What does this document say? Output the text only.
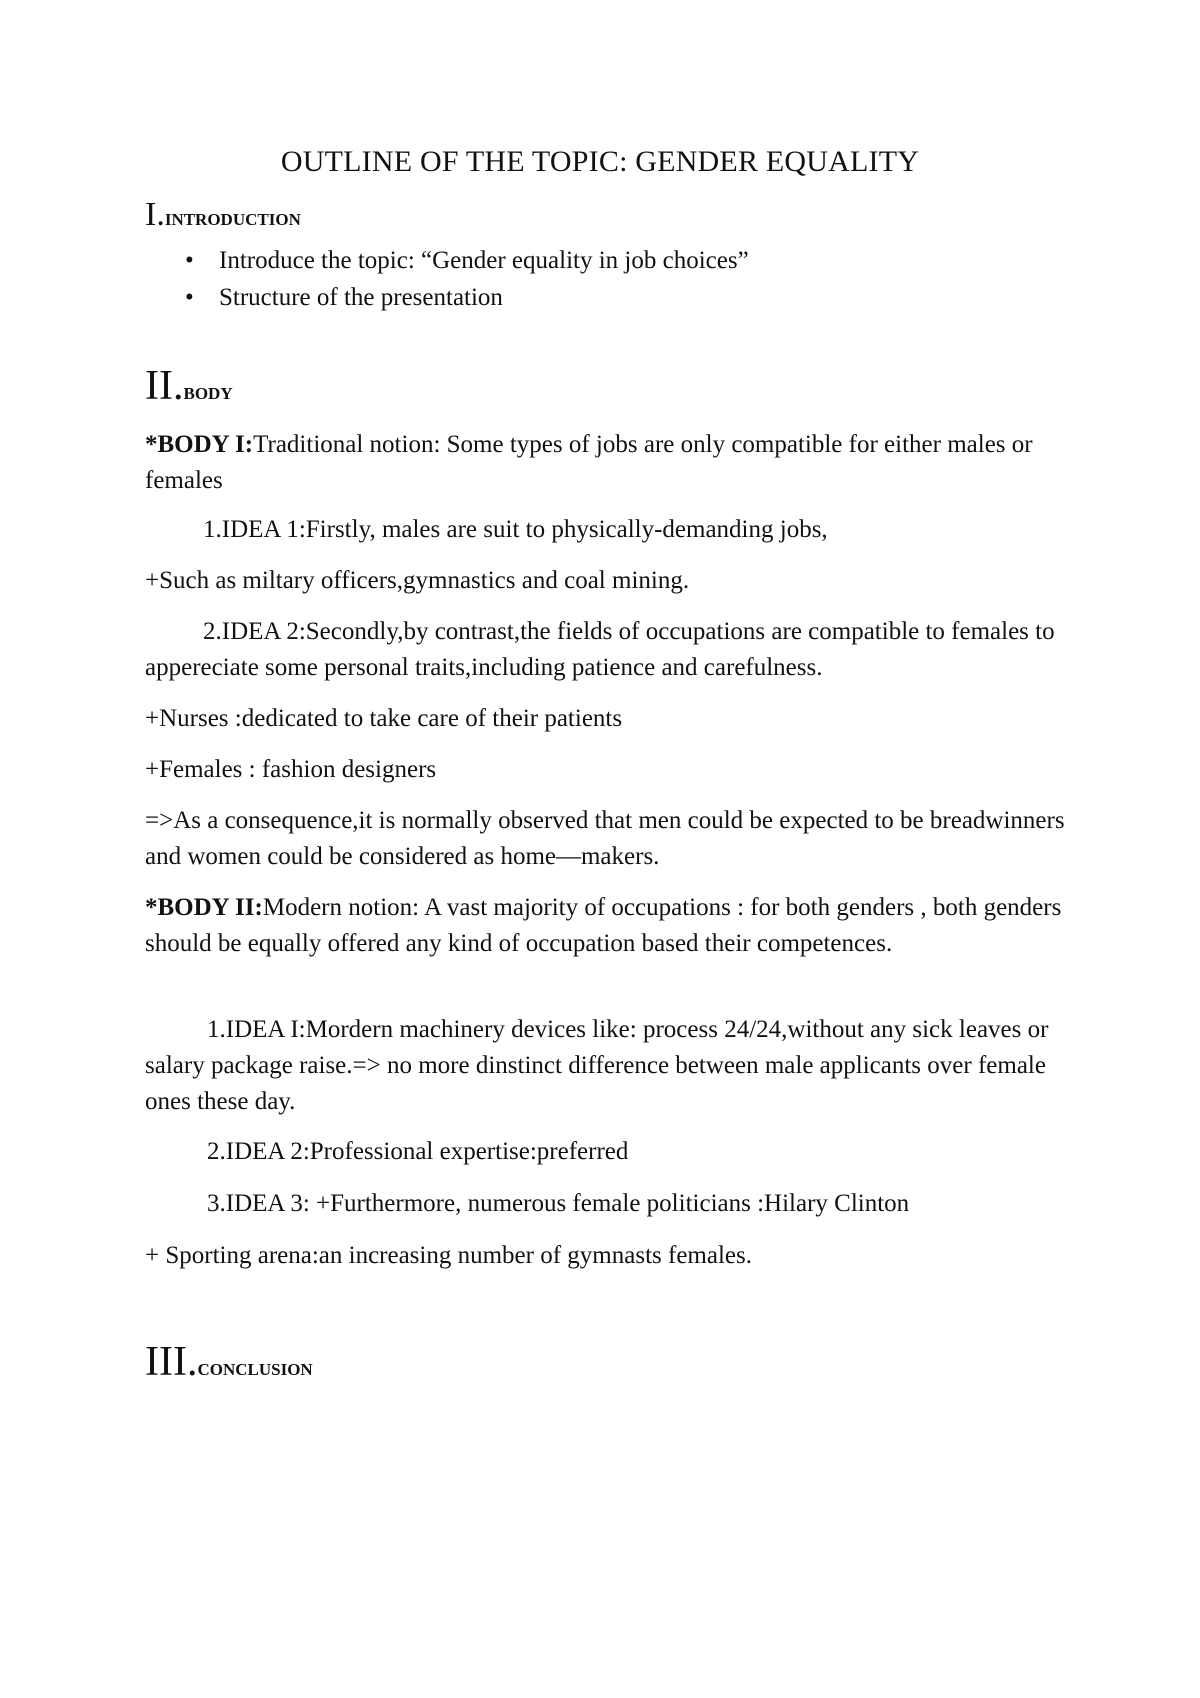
OUTLINE OF THE TOPIC: GENDER EQUALITY
I.introduction
• Introduce the topic: “Gender equality in job choices”
• Structure of the presentation
II.body
*BODY I:Traditional notion: Some types of jobs are only compatible for either males or females
1.IDEA 1:Firstly, males are suit to physically-demanding jobs,
+Such as miltary officers,gymnastics and coal mining.
2.IDEA 2:Secondly,by contrast,the fields of occupations are compatible to females to appereciate some personal traits,including patience and carefulness.
+Nurses :dedicated to take care of their patients
+Females : fashion designers
=>As a consequence,it is normally observed that men could be expected to be breadwinners and women could be considered as home—makers.
*BODY II:Modern notion: A vast majority of occupations : for both genders , both genders should be equally offered any kind of occupation based their competences.
1.IDEA I:Mordern machinery devices like: process 24/24,without any sick leaves or salary package raise.=> no more dinstinct difference between male applicants over female ones these day.
2.IDEA 2:Professional expertise:preferred
3.IDEA 3: +Furthermore, numerous female politicians :Hilary Clinton
+ Sporting arena:an increasing number of gymnasts females.
III.conclusion
